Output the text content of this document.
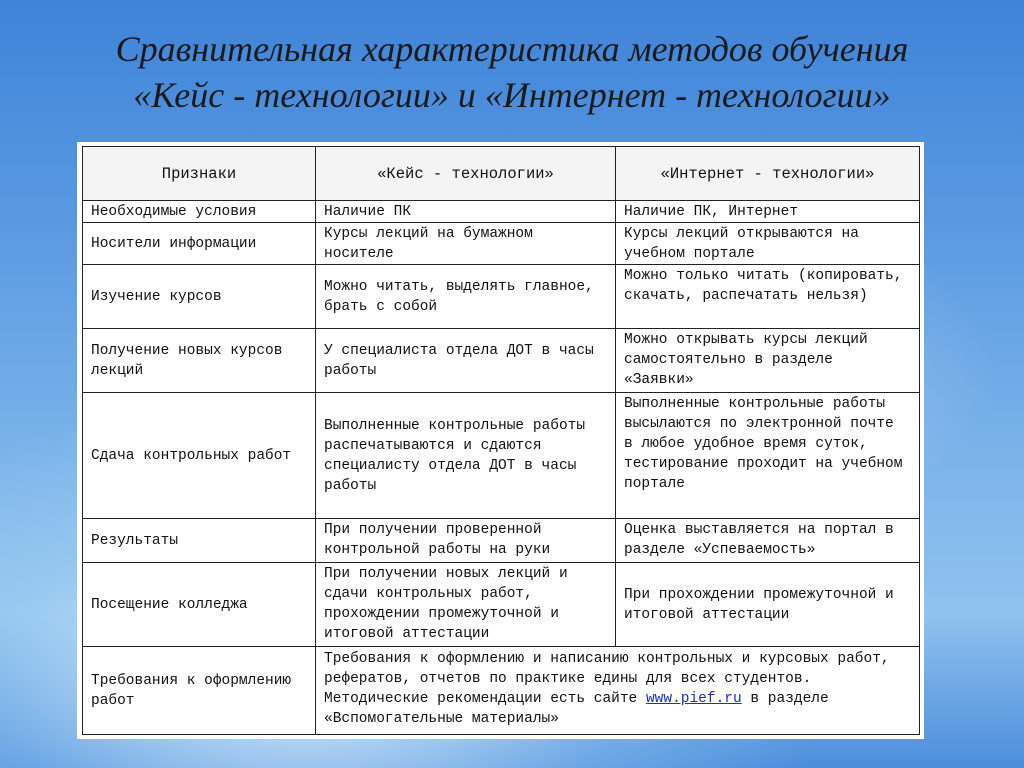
Сравнительная характеристика методов обучения
«Кейс - технологии» и «Интернет - технологии»
Признаки	«Кейс - технологии»	«Интернет - технологии»
Необходимые условия	Наличие ПК	Наличие ПК, Интернет
Носители информации	Курсы лекций на бумажном носителе	Курсы лекций открываются на учебном портале
Изучение курсов	Можно читать, выделять главное, брать с собой	Можно только читать (копировать, скачать, распечатать нельзя)
Получение новых курсов лекций	У специалиста отдела ДОТ в часы работы	Можно открывать курсы лекций самостоятельно в разделе «Заявки»
Сдача контрольных работ	Выполненные контрольные работы распечатываются и сдаются специалисту отдела ДОТ в часы работы	Выполненные контрольные работы высылаются по электронной почте в любое удобное время суток, тестирование проходит на учебном портале
Результаты	При получении проверенной контрольной работы на руки	Оценка выставляется на портал в разделе «Успеваемость»
Посещение колледжа	При получении новых лекций и сдачи контрольных работ, прохождении промежуточной и итоговой аттестации	При прохождении промежуточной и итоговой аттестации
Требования к оформлению работ	Требования к оформлению и написанию контрольных и курсовых работ, рефератов, отчетов по практике едины для всех студентов. Методические рекомендации есть сайте www.pief.ru в разделе «Вспомогательные материалы»	
